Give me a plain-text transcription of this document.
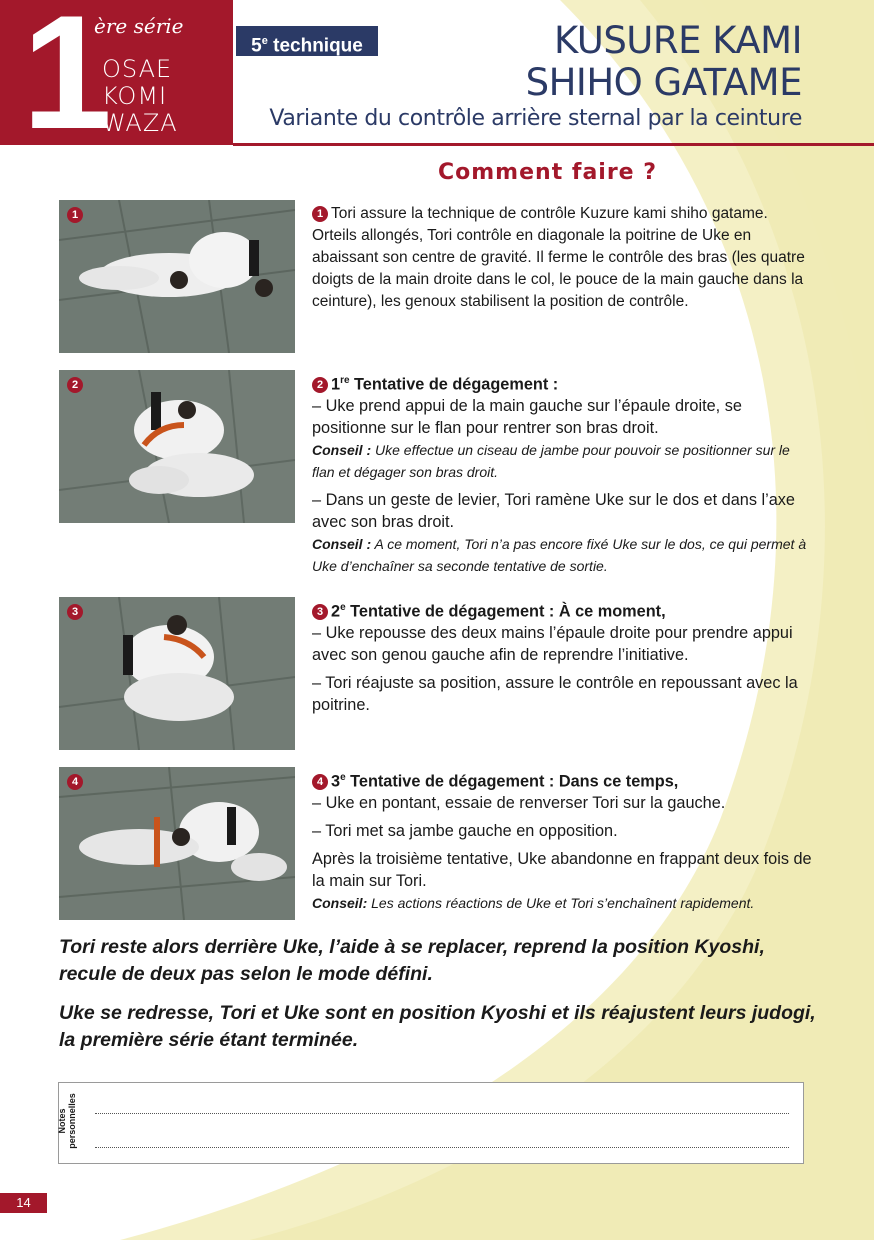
1
ère série
OSAE
KOMI
WAZA
5e technique	KUSURE KAMI
SHIHO GATAME
Variante du contrôle arrière sternal par la ceinture
Comment faire ?
1
2
3
4

1 Tori assure la technique de contrôle Kuzure kami shiho gatame. Orteils allongés, Tori contrôle en diagonale la poitrine de Uke en abaissant son centre de gravité. Il ferme le contrôle des bras (les quatre doigts de la main droite dans le col, le pouce de la main gauche dans la ceinture), les genoux stabilisent la position de contrôle.

2 1re Tentative de dégagement :

– Uke prend appui de la main gauche sur l’épaule droite, se positionne sur le flan pour rentrer son bras droit.

Conseil : Uke effectue un ciseau de jambe pour pouvoir se positionner sur le flan et dégager son bras droit.

– Dans un geste de levier, Tori ramène Uke sur le dos et dans l’axe avec son bras droit.

Conseil : A ce moment, Tori n’a pas encore fixé Uke sur le dos, ce qui permet à Uke d’enchaîner sa seconde tentative de sortie.

3 2e Tentative de dégagement : À ce moment,

– Uke repousse des deux mains l’épaule droite pour prendre appui avec son genou gauche afin de reprendre l’initiative.

– Tori réajuste sa position, assure le contrôle en repoussant avec la poitrine.

4 3e Tentative de dégagement : Dans ce temps,

– Uke en pontant, essaie de renverser Tori sur la gauche.

– Tori met sa jambe gauche en opposition.

Après la troisième tentative, Uke abandonne en frappant deux fois de la main sur Tori.

Conseil: Les actions réactions de Uke et Tori s’enchaînent rapidement.

Tori reste alors derrière Uke, l’aide à se replacer, reprend la position Kyoshi, recule de deux pas selon le mode défini.
Uke se redresse, Tori et Uke sont en position Kyoshi et ils réajustent leurs judogi, la première série étant terminée.
Notes personnelles
14
